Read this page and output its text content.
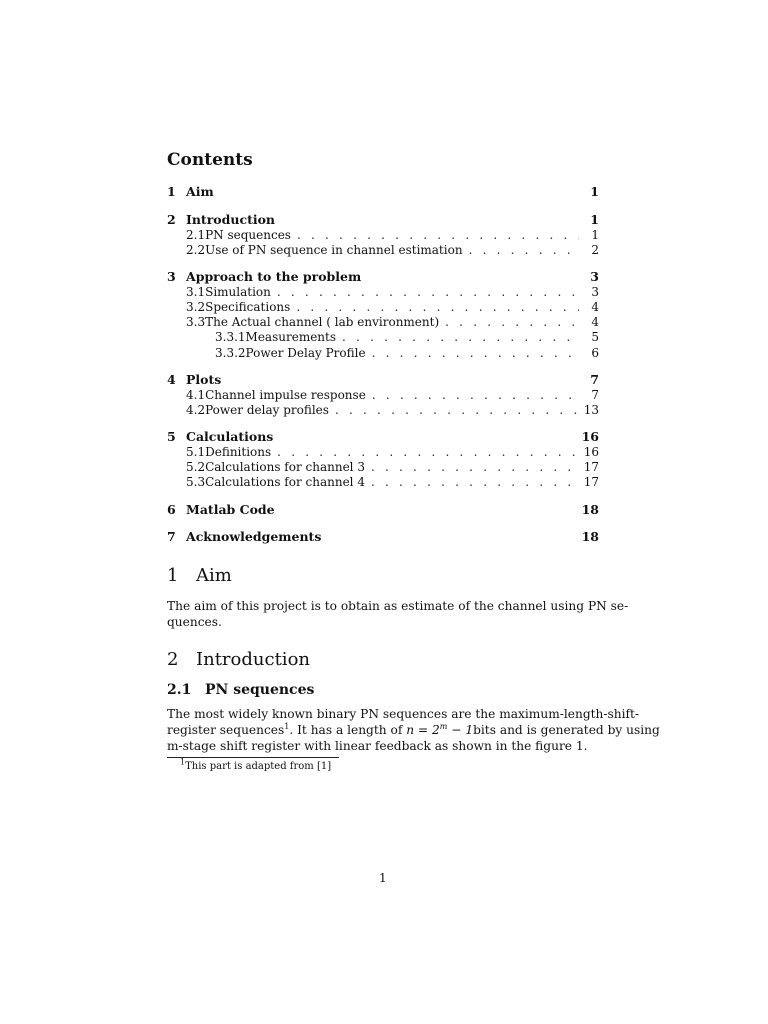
Contents
1 Aim	1
2 Introduction	1
2.1 PN sequences . . .	1
2.2 Use of PN sequence in channel estimation . . .	2
3 Approach to the problem	3
3.1 Simulation . . .	3
3.2 Specifications . . .	4
3.3 The Actual channel ( lab environment) . . .	4
3.3.1 Measurements . . .	5
3.3.2 Power Delay Profile . . .	6
4 Plots	7
4.1 Channel impulse response . . .	7
4.2 Power delay profiles . . .	13
5 Calculations	16
5.1 Definitions . . .	16
5.2 Calculations for channel 3 . . .	17
5.3 Calculations for channel 4 . . .	17
6 Matlab Code	18
7 Acknowledgements	18
1 Aim

The aim of this project is to obtain as estimate of the channel using PN se-
quences.

2 Introduction
2.1 PN sequences

The most widely known binary PN sequences are the maximum-length-shift-
register sequences$^1$. It has a length of $n = 2^m$ − 1bits and is generated by using
m-stage shift register with linear feedback as shown in the figure 1.

$^1$This part is adapted from [1]
1
